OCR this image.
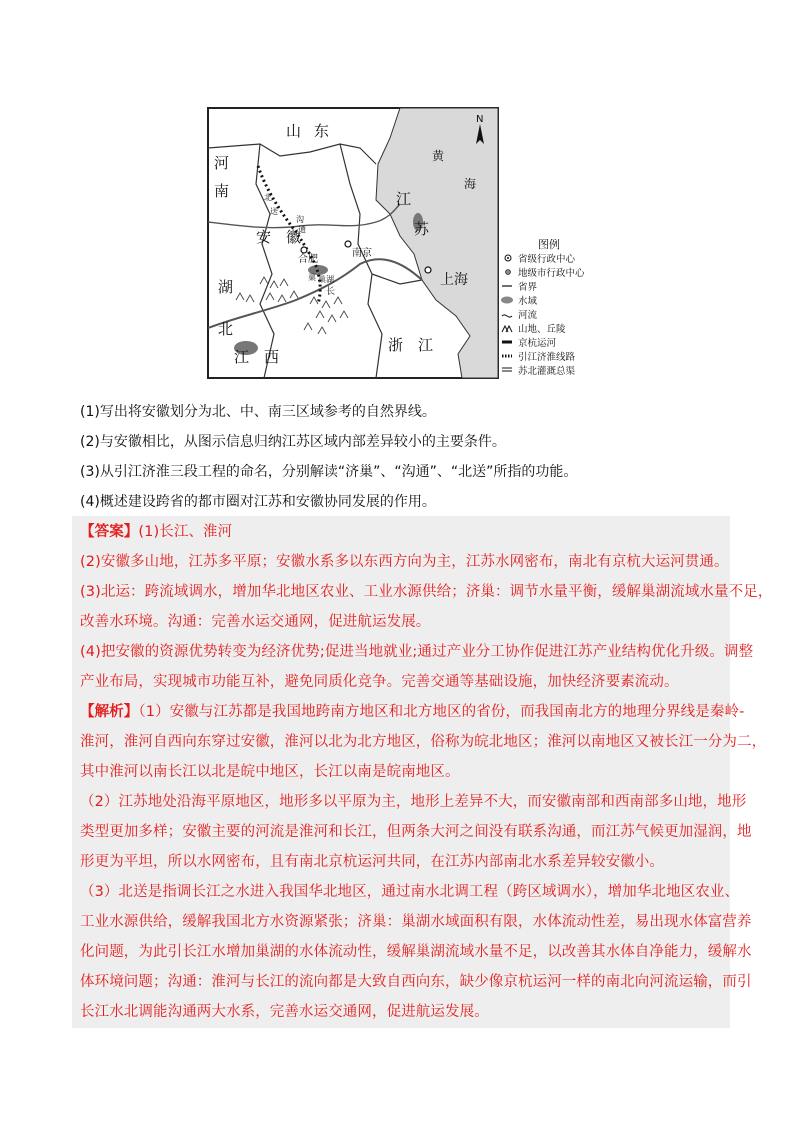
山 东
河
南
安 徽
江
苏
湖
北
江 西
浙 江
上海
黄
海
合肥
南京
巢湖
北
送
沟
通
巢
长
N
图例
省级行政中心
地级市行政中心
省界
水域
河流
山地、丘陵
京杭运河
引江济淮线路
苏北灌溉总渠
(1)写出将安徽划分为北、中、南三区域参考的自然界线。
(2)与安徽相比，从图示信息归纳江苏区域内部差异较小的主要条件。
(3)从引江济淮三段工程的命名，分别解读“济巢”、“沟通”、“北送”所指的功能。
(4)概述建设跨省的都市圈对江苏和安徽协同发展的作用。
【答案】(1)长江、淮河
(2)安徽多山地，江苏多平原；安徽水系多以东西方向为主，江苏水网密布，南北有京杭大运河贯通。
(3)北运：跨流域调水，增加华北地区农业、工业水源供给；济巢：调节水量平衡，缓解巢湖流域水量不足，
改善水环境。沟通：完善水运交通网，促进航运发展。
(4)把安徽的资源优势转变为经济优势;促进当地就业;通过产业分工协作促进江苏产业结构优化升级。调整
产业布局，实现城市功能互补，避免同质化竞争。完善交通等基础设施，加快经济要素流动。
【解析】（1）安徽与江苏都是我国地跨南方地区和北方地区的省份，而我国南北方的地理分界线是秦岭-
淮河，淮河自西向东穿过安徽，淮河以北为北方地区，俗称为皖北地区；淮河以南地区又被长江一分为二，
其中淮河以南长江以北是皖中地区，长江以南是皖南地区。
（2）江苏地处沿海平原地区，地形多以平原为主，地形上差异不大，而安徽南部和西南部多山地，地形
类型更加多样；安徽主要的河流是淮河和长江，但两条大河之间没有联系沟通，而江苏气候更加湿润，地
形更为平坦，所以水网密布，且有南北京杭运河共同，在江苏内部南北水系差异较安徽小。
（3）北送是指调长江之水进入我国华北地区，通过南水北调工程（跨区域调水），增加华北地区农业、
工业水源供给，缓解我国北方水资源紧张；济巢：巢湖水域面积有限，水体流动性差，易出现水体富营养
化问题，为此引长江水增加巢湖的水体流动性，缓解巢湖流域水量不足，以改善其水体自净能力，缓解水
体环境问题；沟通：淮河与长江的流向都是大致自西向东，缺少像京杭运河一样的南北向河流运输，而引
长江水北调能沟通两大水系，完善水运交通网，促进航运发展。
